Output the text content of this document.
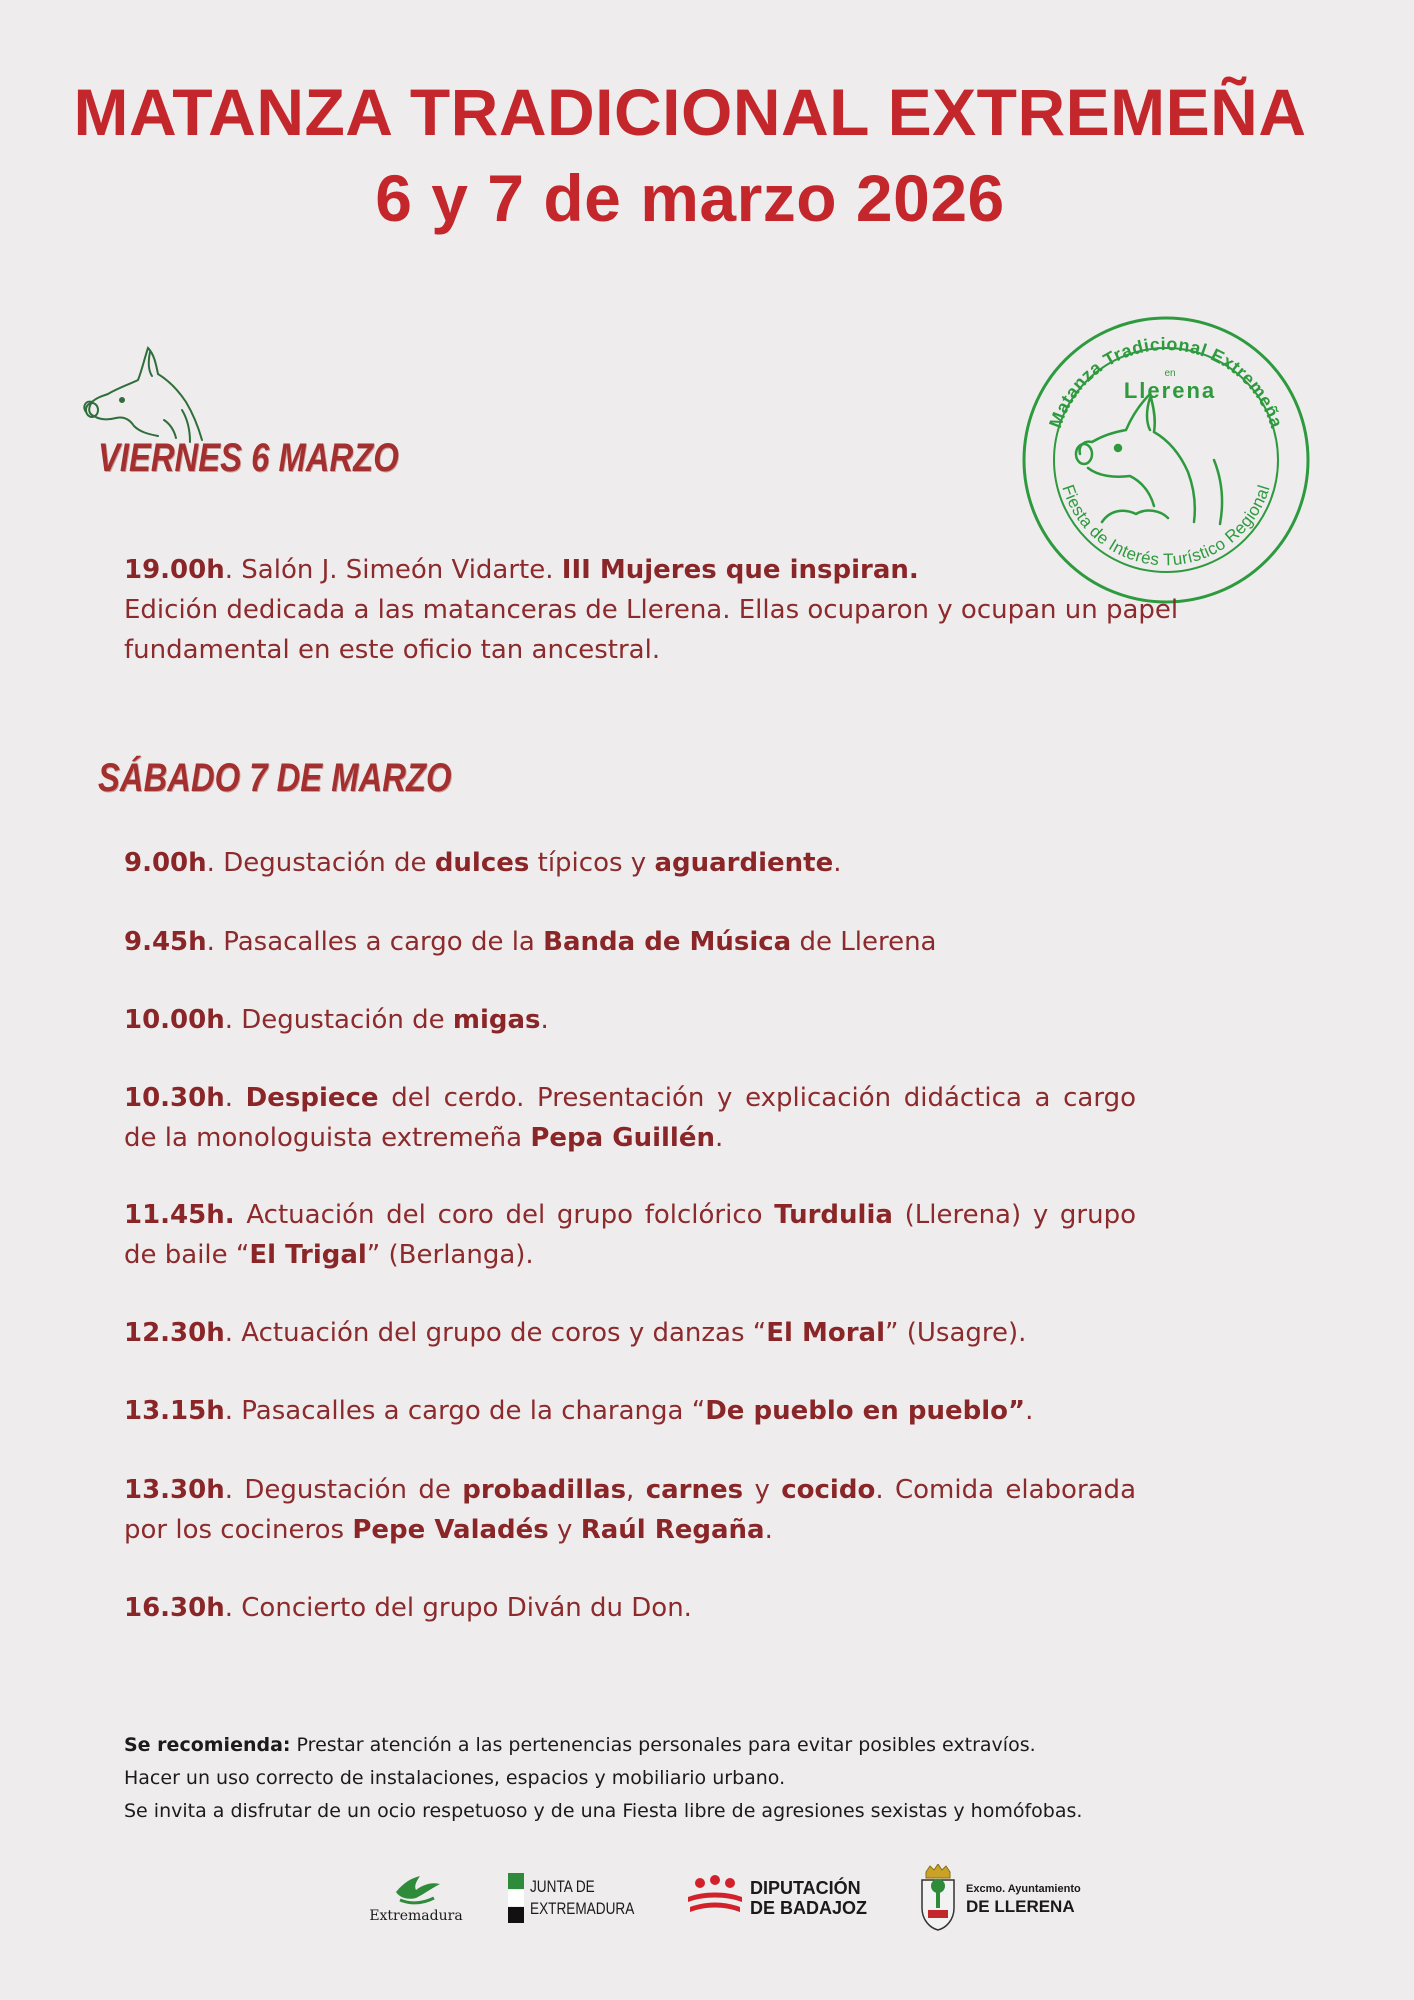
MATANZA TRADICIONAL EXTREMEÑA
6 y 7 de marzo 2026
Matanza Tradicional Extremeña
Fiesta de Interés Turístico Regional
en
Llerena
VIERNES 6 MARZO
19.00h. Salón J. Simeón Vidarte. III Mujeres que inspiran.
Edición dedicada a las matanceras de Llerena. Ellas ocuparon y ocupan un papel fundamental en este oficio tan ancestral.
SÁBADO 7 DE MARZO
9.00h. Degustación de dulces típicos y aguardiente.
9.45h. Pasacalles a cargo de la Banda de Música de Llerena
10.00h. Degustación de migas.
10.30h. Despiece del cerdo. Presentación y explicación didáctica a cargo de la monologuista extremeña Pepa Guillén.
11.45h. Actuación del coro del grupo folclórico Turdulia (Llerena) y grupo de baile “El Trigal” (Berlanga).
12.30h. Actuación del grupo de coros y danzas “El Moral” (Usagre).
13.15h. Pasacalles a cargo de la charanga “De pueblo en pueblo”.
13.30h. Degustación de probadillas, carnes y cocido. Comida elaborada por los cocineros Pepe Valadés y Raúl Regaña.
16.30h. Concierto del grupo Diván du Don.
Se recomienda: Prestar atención a las pertenencias personales para evitar posibles extravíos.
Hacer un uso correcto de instalaciones, espacios y mobiliario urbano.
Se invita a disfrutar de un ocio respetuoso y de una Fiesta libre de agresiones sexistas y homófobas.
Extremadura
JUNTA DE
EXTREMADURA
DIPUTACIÓN
DE BADAJOZ
Excmo. Ayuntamiento
DE LLERENA
